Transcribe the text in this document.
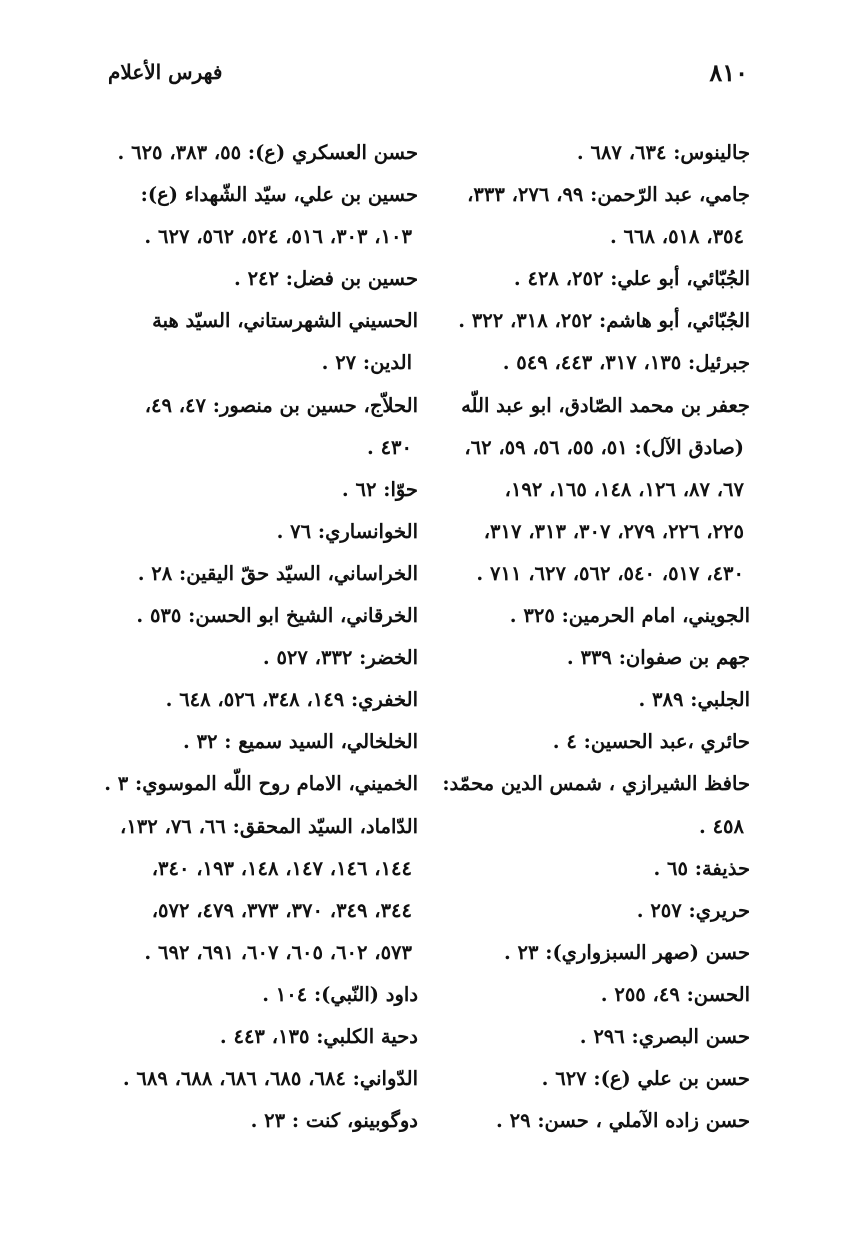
٨١٠
فهرس الأعلام
جالينوس: ٦٣٤، ٦٨٧ .
جامي، عبد الرّحمن: ٩٩، ٢٧٦، ٣٣٣،
٣٥٤، ٥١٨، ٦٦٨ .
الجُبّائي، أبو علي: ٢٥٢، ٤٢٨ .
الجُبّائي، أبو هاشم: ٢٥٢، ٣١٨، ٣٢٢ .
جبرئيل: ١٣٥، ٣١٧، ٤٤٣، ٥٤٩ .
جعفر بن محمد الصّادق، ابو عبد اللّه
(صادق الآل): ٥١، ٥٥، ٥٦، ٥٩، ٦٢،
٦٧، ٨٧، ١٢٦، ١٤٨، ١٦٥، ١٩٢،
٢٢٥، ٢٢٦، ٢٧٩، ٣٠٧، ٣١٣، ٣١٧،
٤٣٠، ٥١٧، ٥٤٠، ٥٦٢، ٦٢٧، ٧١١ .
الجويني، امام الحرمين: ٣٢٥ .
جهم بن صفوان: ٣٣٩ .
الجلبي: ٣٨٩ .
حائري ،عبد الحسين: ٤ .
حافظ الشيرازي ، شمس الدين محمّد:
٤٥٨ .
حذيفة: ٦٥ .
حريري: ٢٥٧ .
حسن (صهر السبزواري): ٢٣ .
الحسن: ٤٩، ٢٥٥ .
حسن البصري: ٢٩٦ .
حسن بن علي (ع): ٦٢٧ .
حسن زاده الآملي ، حسن: ٢٩ .
حسن العسكري (ع): ٥٥، ٣٨٣، ٦٢٥ .
حسين بن علي، سيّد الشّهداء (ع):
١٠٣، ٣٠٣، ٥١٦، ٥٢٤، ٥٦٢، ٦٢٧ .
حسين بن فضل: ٢٤٢ .
الحسيني الشهرستاني، السيّد هبة
الدين: ٢٧ .
الحلاّج، حسين بن منصور: ٤٧، ٤٩،
٤٣٠ .
حوّا: ٦٢ .
الخوانساري: ٧٦ .
الخراساني، السيّد حقّ اليقين: ٢٨ .
الخرقاني، الشيخ ابو الحسن: ٥٣٥ .
الخضر: ٣٣٢، ٥٢٧ .
الخفري: ١٤٩، ٣٤٨، ٥٢٦، ٦٤٨ .
الخلخالي، السيد سميع : ٣٢ .
الخميني، الامام روح اللّه الموسوي: ٣ .
الدّاماد، السيّد المحقق: ٦٦، ٧٦، ١٣٢،
١٤٤، ١٤٦، ١٤٧، ١٤٨، ١٩٣، ٣٤٠،
٣٤٤، ٣٤٩، ٣٧٠، ٣٧٣، ٤٧٩، ٥٧٢،
٥٧٣، ٦٠٢، ٦٠٥، ٦٠٧، ٦٩١، ٦٩٢ .
داود (النّبي): ١٠٤ .
دحية الكلبي: ١٣٥، ٤٤٣ .
الدّواني: ٦٨٤، ٦٨٥، ٦٨٦، ٦٨٨، ٦٨٩ .
دوگوبينو، كنت : ٢٣ .
